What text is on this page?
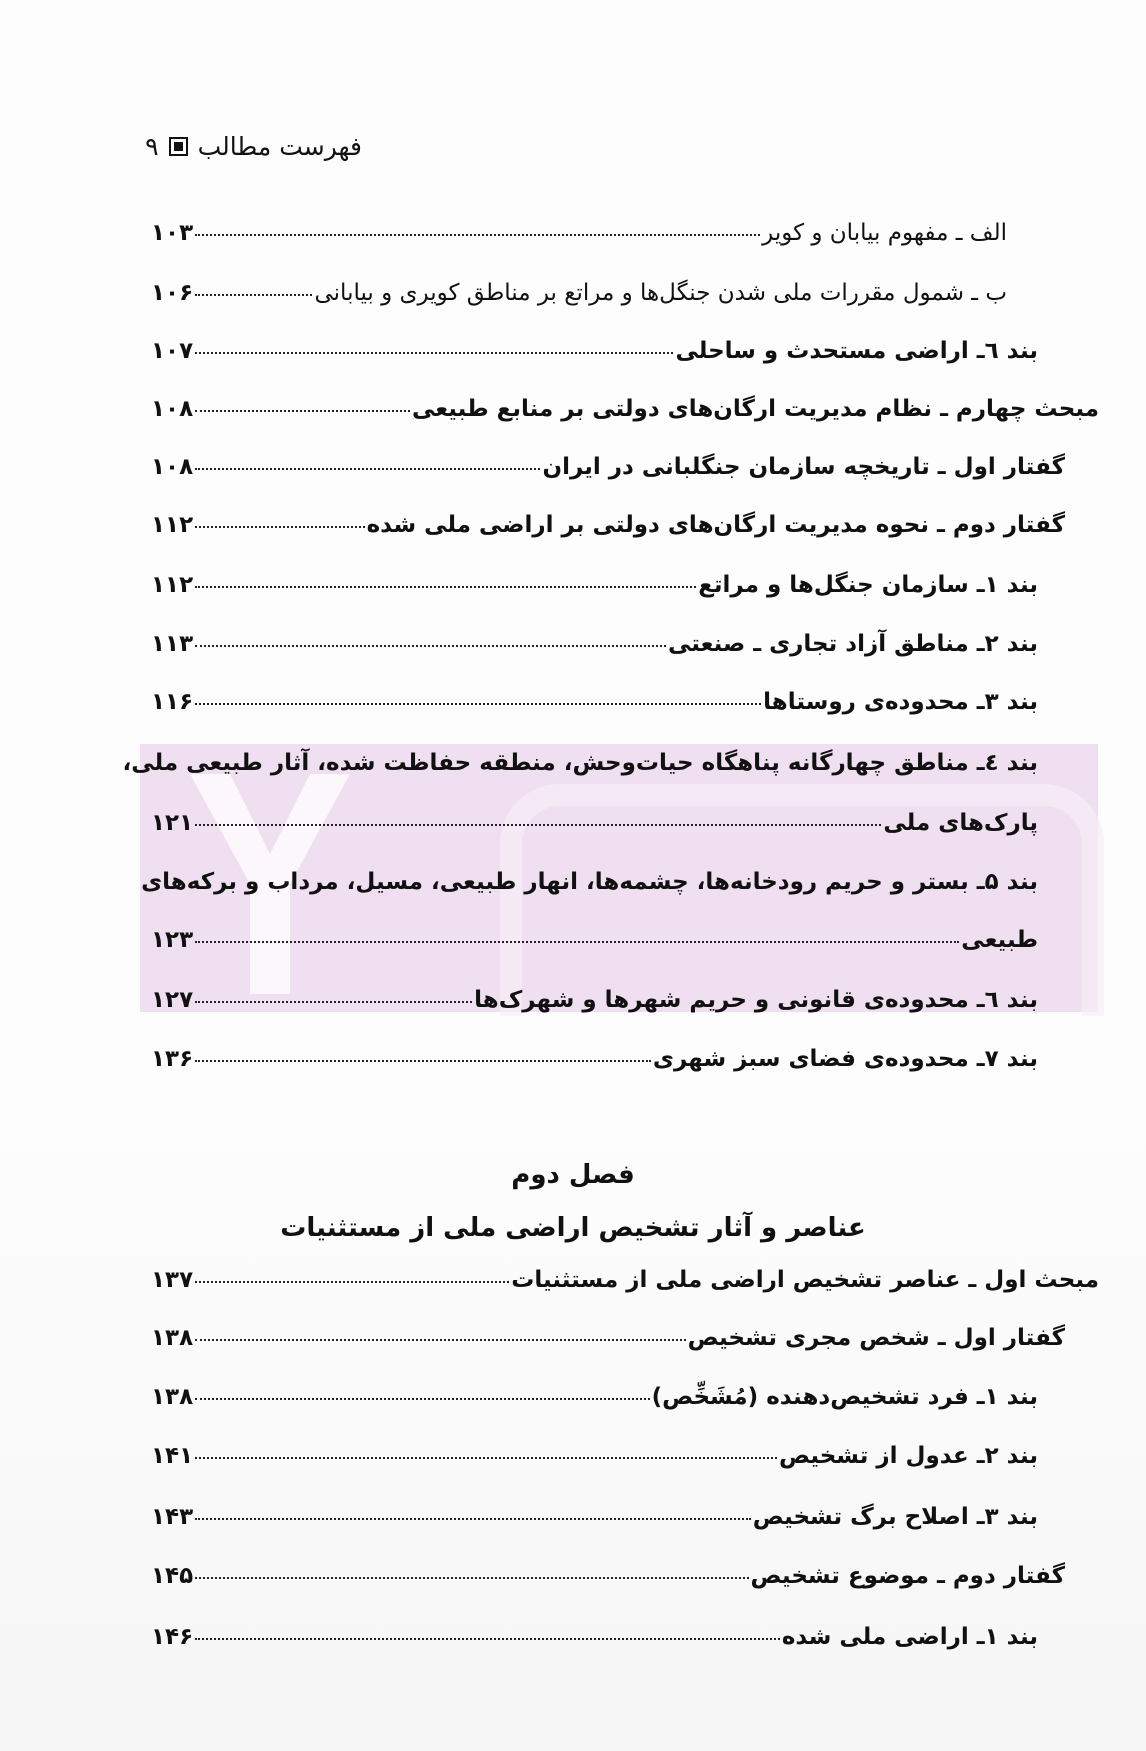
فهرست مطالب
۹
الف ـ مفهوم بیابان و کویر
۱۰۳
ب ـ شمول مقررات ملی شدن جنگل‌ها و مراتع بر مناطق کویری و بیابانی
۱۰۶
بند ٦ـ اراضی مستحدث و ساحلی
۱۰۷
مبحث چهارم ـ نظام مدیریت ارگان‌های دولتی بر منابع طبیعی
۱۰۸
گفتار اول ـ تاریخچه سازمان جنگلبانی در ایران
۱۰۸
گفتار دوم ـ نحوه مدیریت ارگان‌های دولتی بر اراضی ملی شده
۱۱۲
بند ۱ـ سازمان جنگل‌ها و مراتع
۱۱۲
بند ۲ـ مناطق آزاد تجاری ـ صنعتی
۱۱۳
بند ۳ـ محدوده‌ی روستاها
۱۱۶
بند ٤ـ مناطق چهارگانه پناهگاه حیات‌وحش، منطقه حفاظت شده، آثار طبیعی ملی،
پارک‌های ملی
۱۲۱
بند ۵ـ بستر و حریم رودخانه‌ها، چشمه‌ها، انهار طبیعی، مسیل، مرداب و برکه‌های
طبیعی
۱۲۳
بند ٦ـ محدوده‌ی قانونی و حریم شهرها و شهرک‌ها
۱۲۷
بند ۷ـ محدوده‌ی فضای سبز شهری
۱۳۶
فصل دوم
عناصر و آثار تشخیص اراضی ملی از مستثنیات
مبحث اول ـ عناصر تشخیص اراضی ملی از مستثنیات
۱۳۷
گفتار اول ـ شخص مجری تشخیص
۱۳۸
بند ۱ـ فرد تشخیص‌دهنده (مُشَخِّص)
۱۳۸
بند ۲ـ عدول از تشخیص
۱۴۱
بند ۳ـ اصلاح برگ تشخیص
۱۴۳
گفتار دوم ـ موضوع تشخیص
۱۴۵
بند ۱ـ اراضی ملی شده
۱۴۶
